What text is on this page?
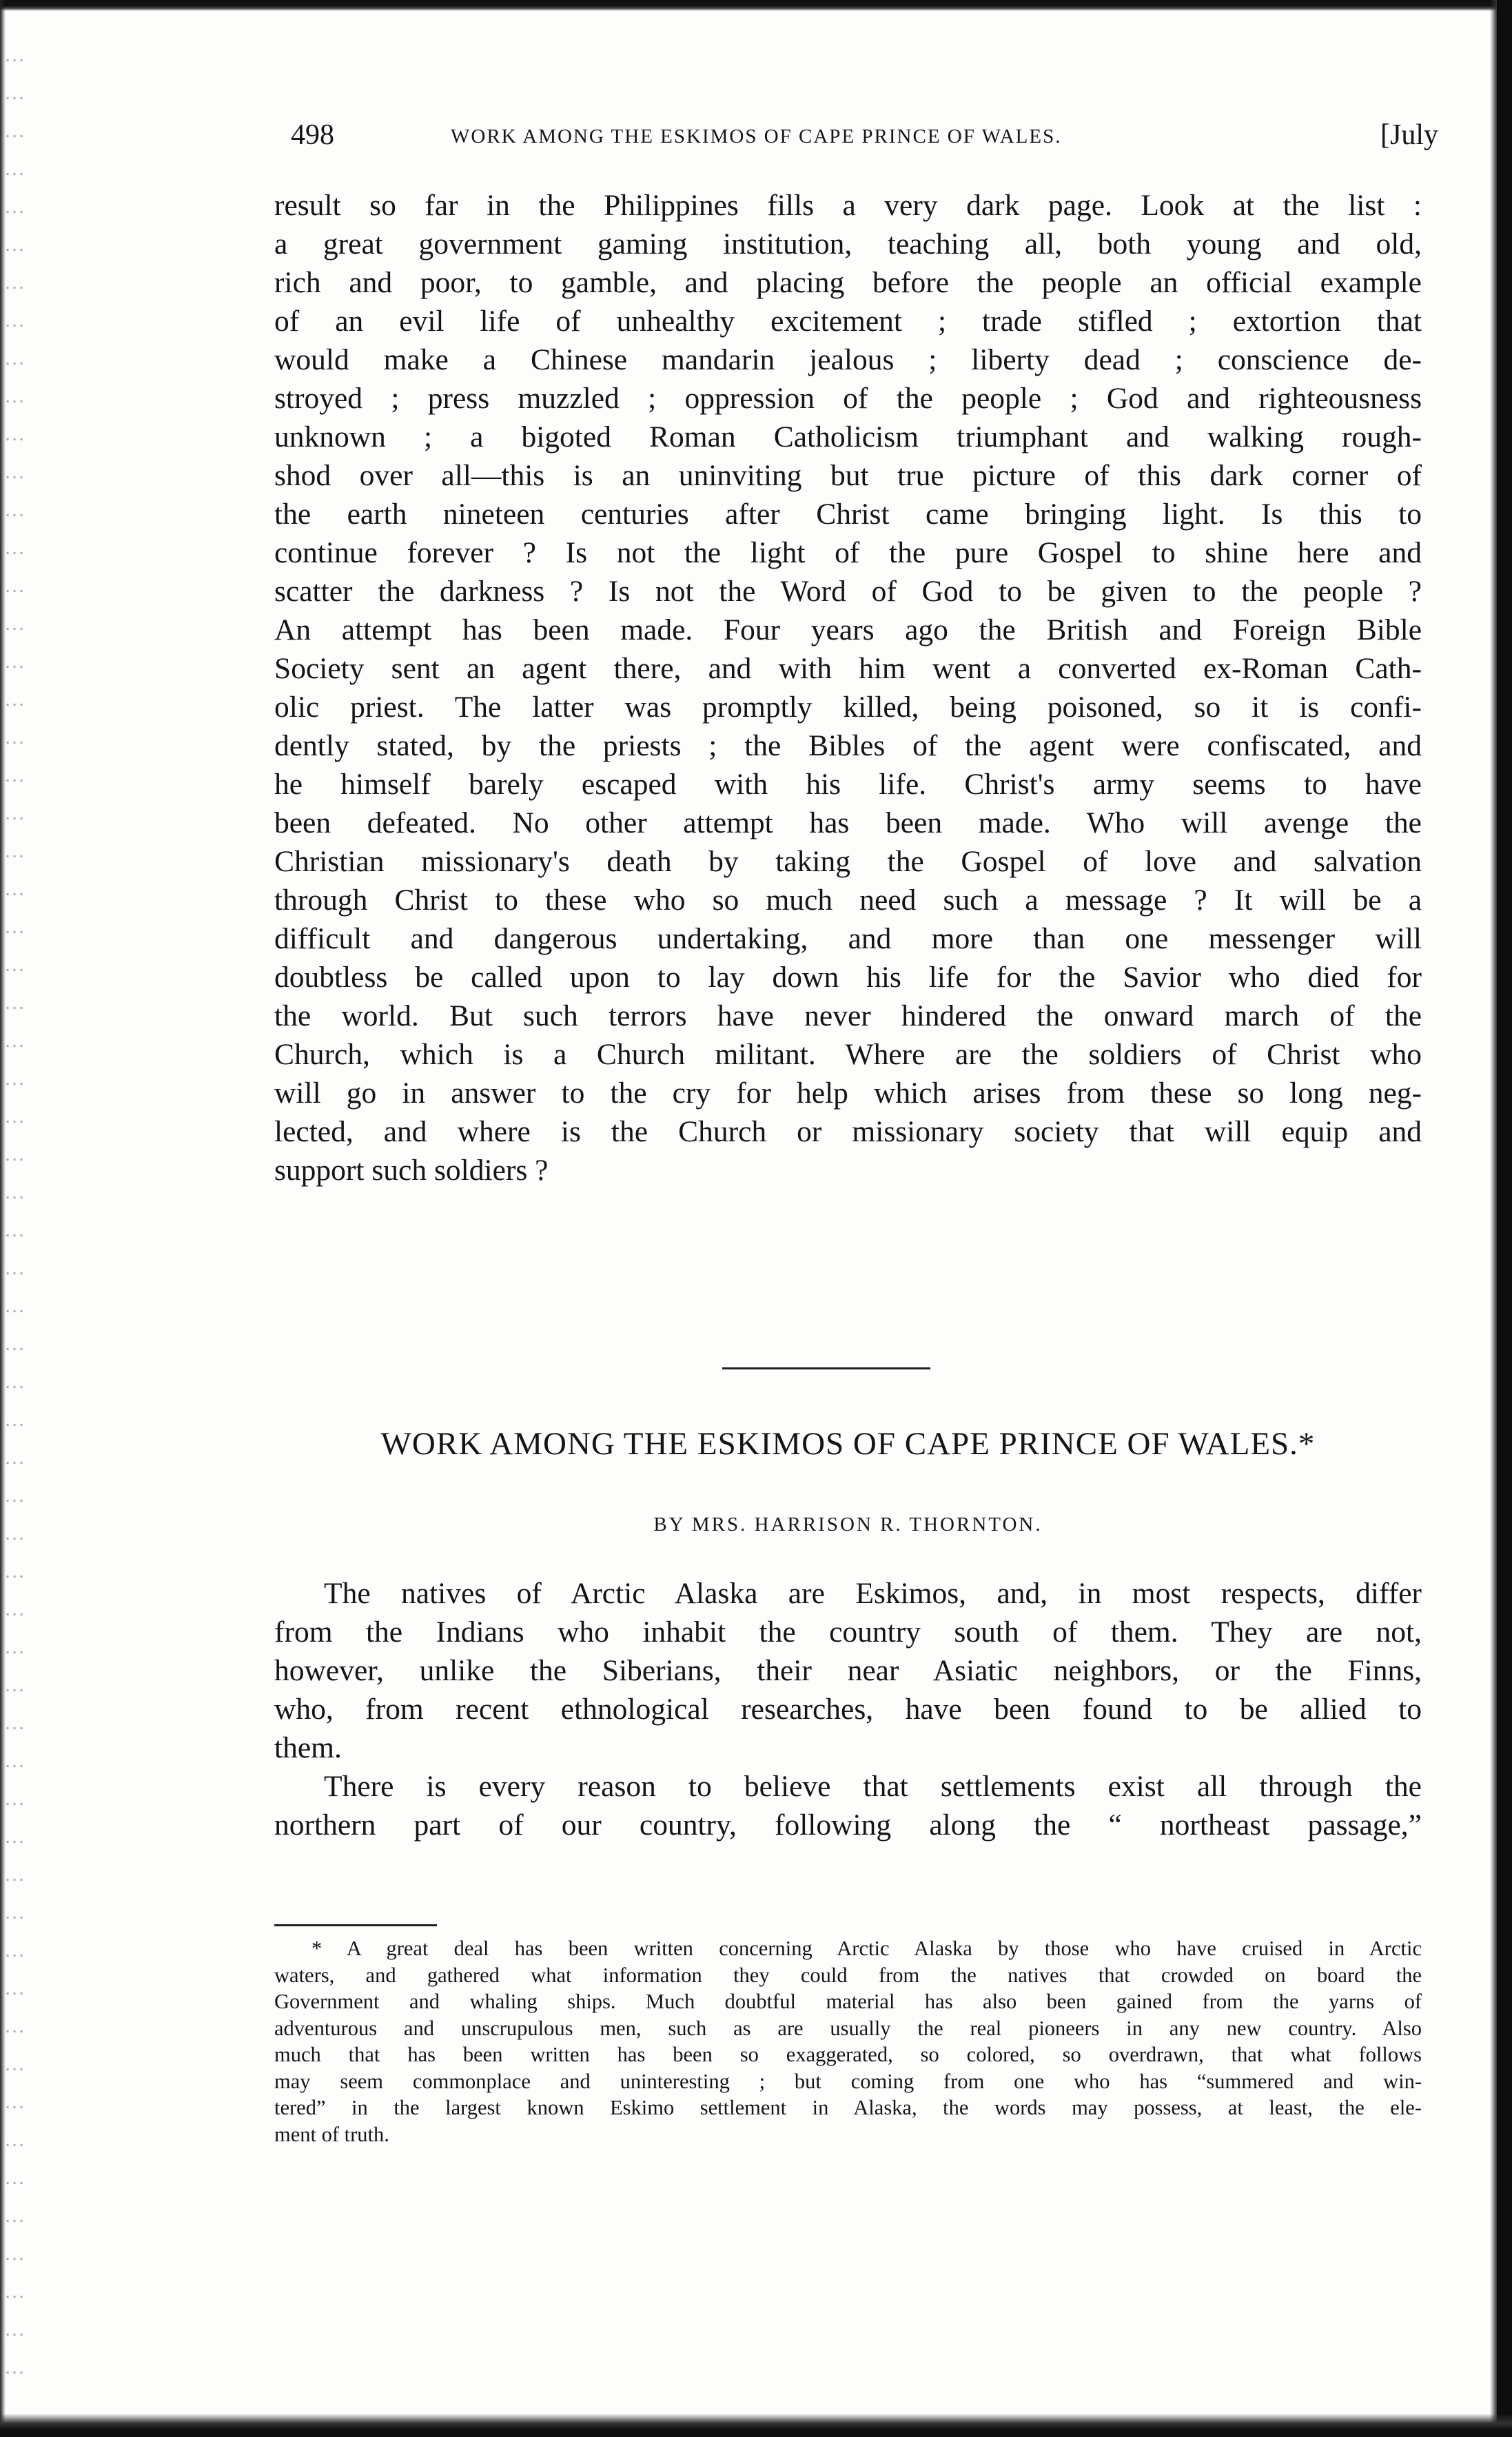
498	WORK AMONG THE ESKIMOS OF CAPE PRINCE OF WALES.	[July
result so far in the Philippines fills a very dark page. Look at the list :
a great government gaming institution, teaching all, both young and old,
rich and poor, to gamble, and placing before the people an official example
of an evil life of unhealthy excitement ; trade stifled ; extortion that
would make a Chinese mandarin jealous ; liberty dead ; conscience de-
stroyed ; press muzzled ; oppression of the people ; God and righteousness
unknown ; a bigoted Roman Catholicism triumphant and walking rough-
shod over all—this is an uninviting but true picture of this dark corner of
the earth nineteen centuries after Christ came bringing light. Is this to
continue forever ? Is not the light of the pure Gospel to shine here and
scatter the darkness ? Is not the Word of God to be given to the people ?
An attempt has been made. Four years ago the British and Foreign Bible
Society sent an agent there, and with him went a converted ex-Roman Cath-
olic priest. The latter was promptly killed, being poisoned, so it is confi-
dently stated, by the priests ; the Bibles of the agent were confiscated, and
he himself barely escaped with his life. Christ's army seems to have
been defeated. No other attempt has been made. Who will avenge the
Christian missionary's death by taking the Gospel of love and salvation
through Christ to these who so much need such a message ? It will be a
difficult and dangerous undertaking, and more than one messenger will
doubtless be called upon to lay down his life for the Savior who died for
the world. But such terrors have never hindered the onward march of the
Church, which is a Church militant. Where are the soldiers of Christ who
will go in answer to the cry for help which arises from these so long neg-
lected, and where is the Church or missionary society that will equip and
support such soldiers ?
WORK AMONG THE ESKIMOS OF CAPE PRINCE OF WALES.*
BY MRS. HARRISON R. THORNTON.
The natives of Arctic Alaska are Eskimos, and, in most respects, differ
from the Indians who inhabit the country south of them. They are not,
however, unlike the Siberians, their near Asiatic neighbors, or the Finns,
who, from recent ethnological researches, have been found to be allied to
them.
There is every reason to believe that settlements exist all through the
northern part of our country, following along the “ northeast passage,”
* A great deal has been written concerning Arctic Alaska by those who have cruised in Arctic
waters, and gathered what information they could from the natives that crowded on board the
Government and whaling ships. Much doubtful material has also been gained from the yarns of
adventurous and unscrupulous men, such as are usually the real pioneers in any new country. Also
much that has been written has been so exaggerated, so colored, so overdrawn, that what follows
may seem commonplace and uninteresting ; but coming from one who has “summered and win-
tered” in the largest known Eskimo settlement in Alaska, the words may possess, at least, the ele-
ment of truth.
